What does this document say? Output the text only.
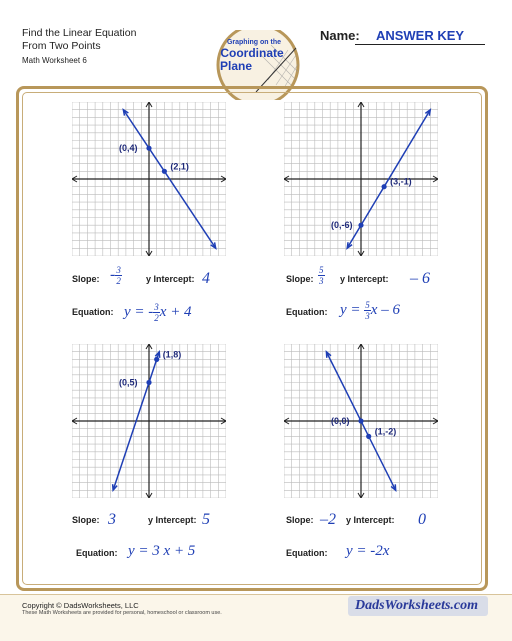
Find the Linear Equation
From Two Points
Math Worksheet 6
Name:	ANSWER KEY
Graphing on the
Coordinate
Plane
(0,4)
(2,1)
(0,-6)
(3,-1)
(0,5)
(1,8)
(0,0)
(1,-2)
Slope: - $\frac{3}{2}$	y Intercept: 4
Equation: y = - $\frac{3}{2}$ x + 4
Slope: $\frac{5}{3}$ y Intercept: – 6
Equation: $y = \frac{5}{3}$ x – 6
Slope: 3	y Intercept: 5
Equation: y = 3 x + 5
Slope: –2 y Intercept: 0
Equation: y = -2x
Copyright © DadsWorksheets, LLC
These Math Worksheets are provided for personal, homeschool or classroom use.	DadsWorksheets.com
